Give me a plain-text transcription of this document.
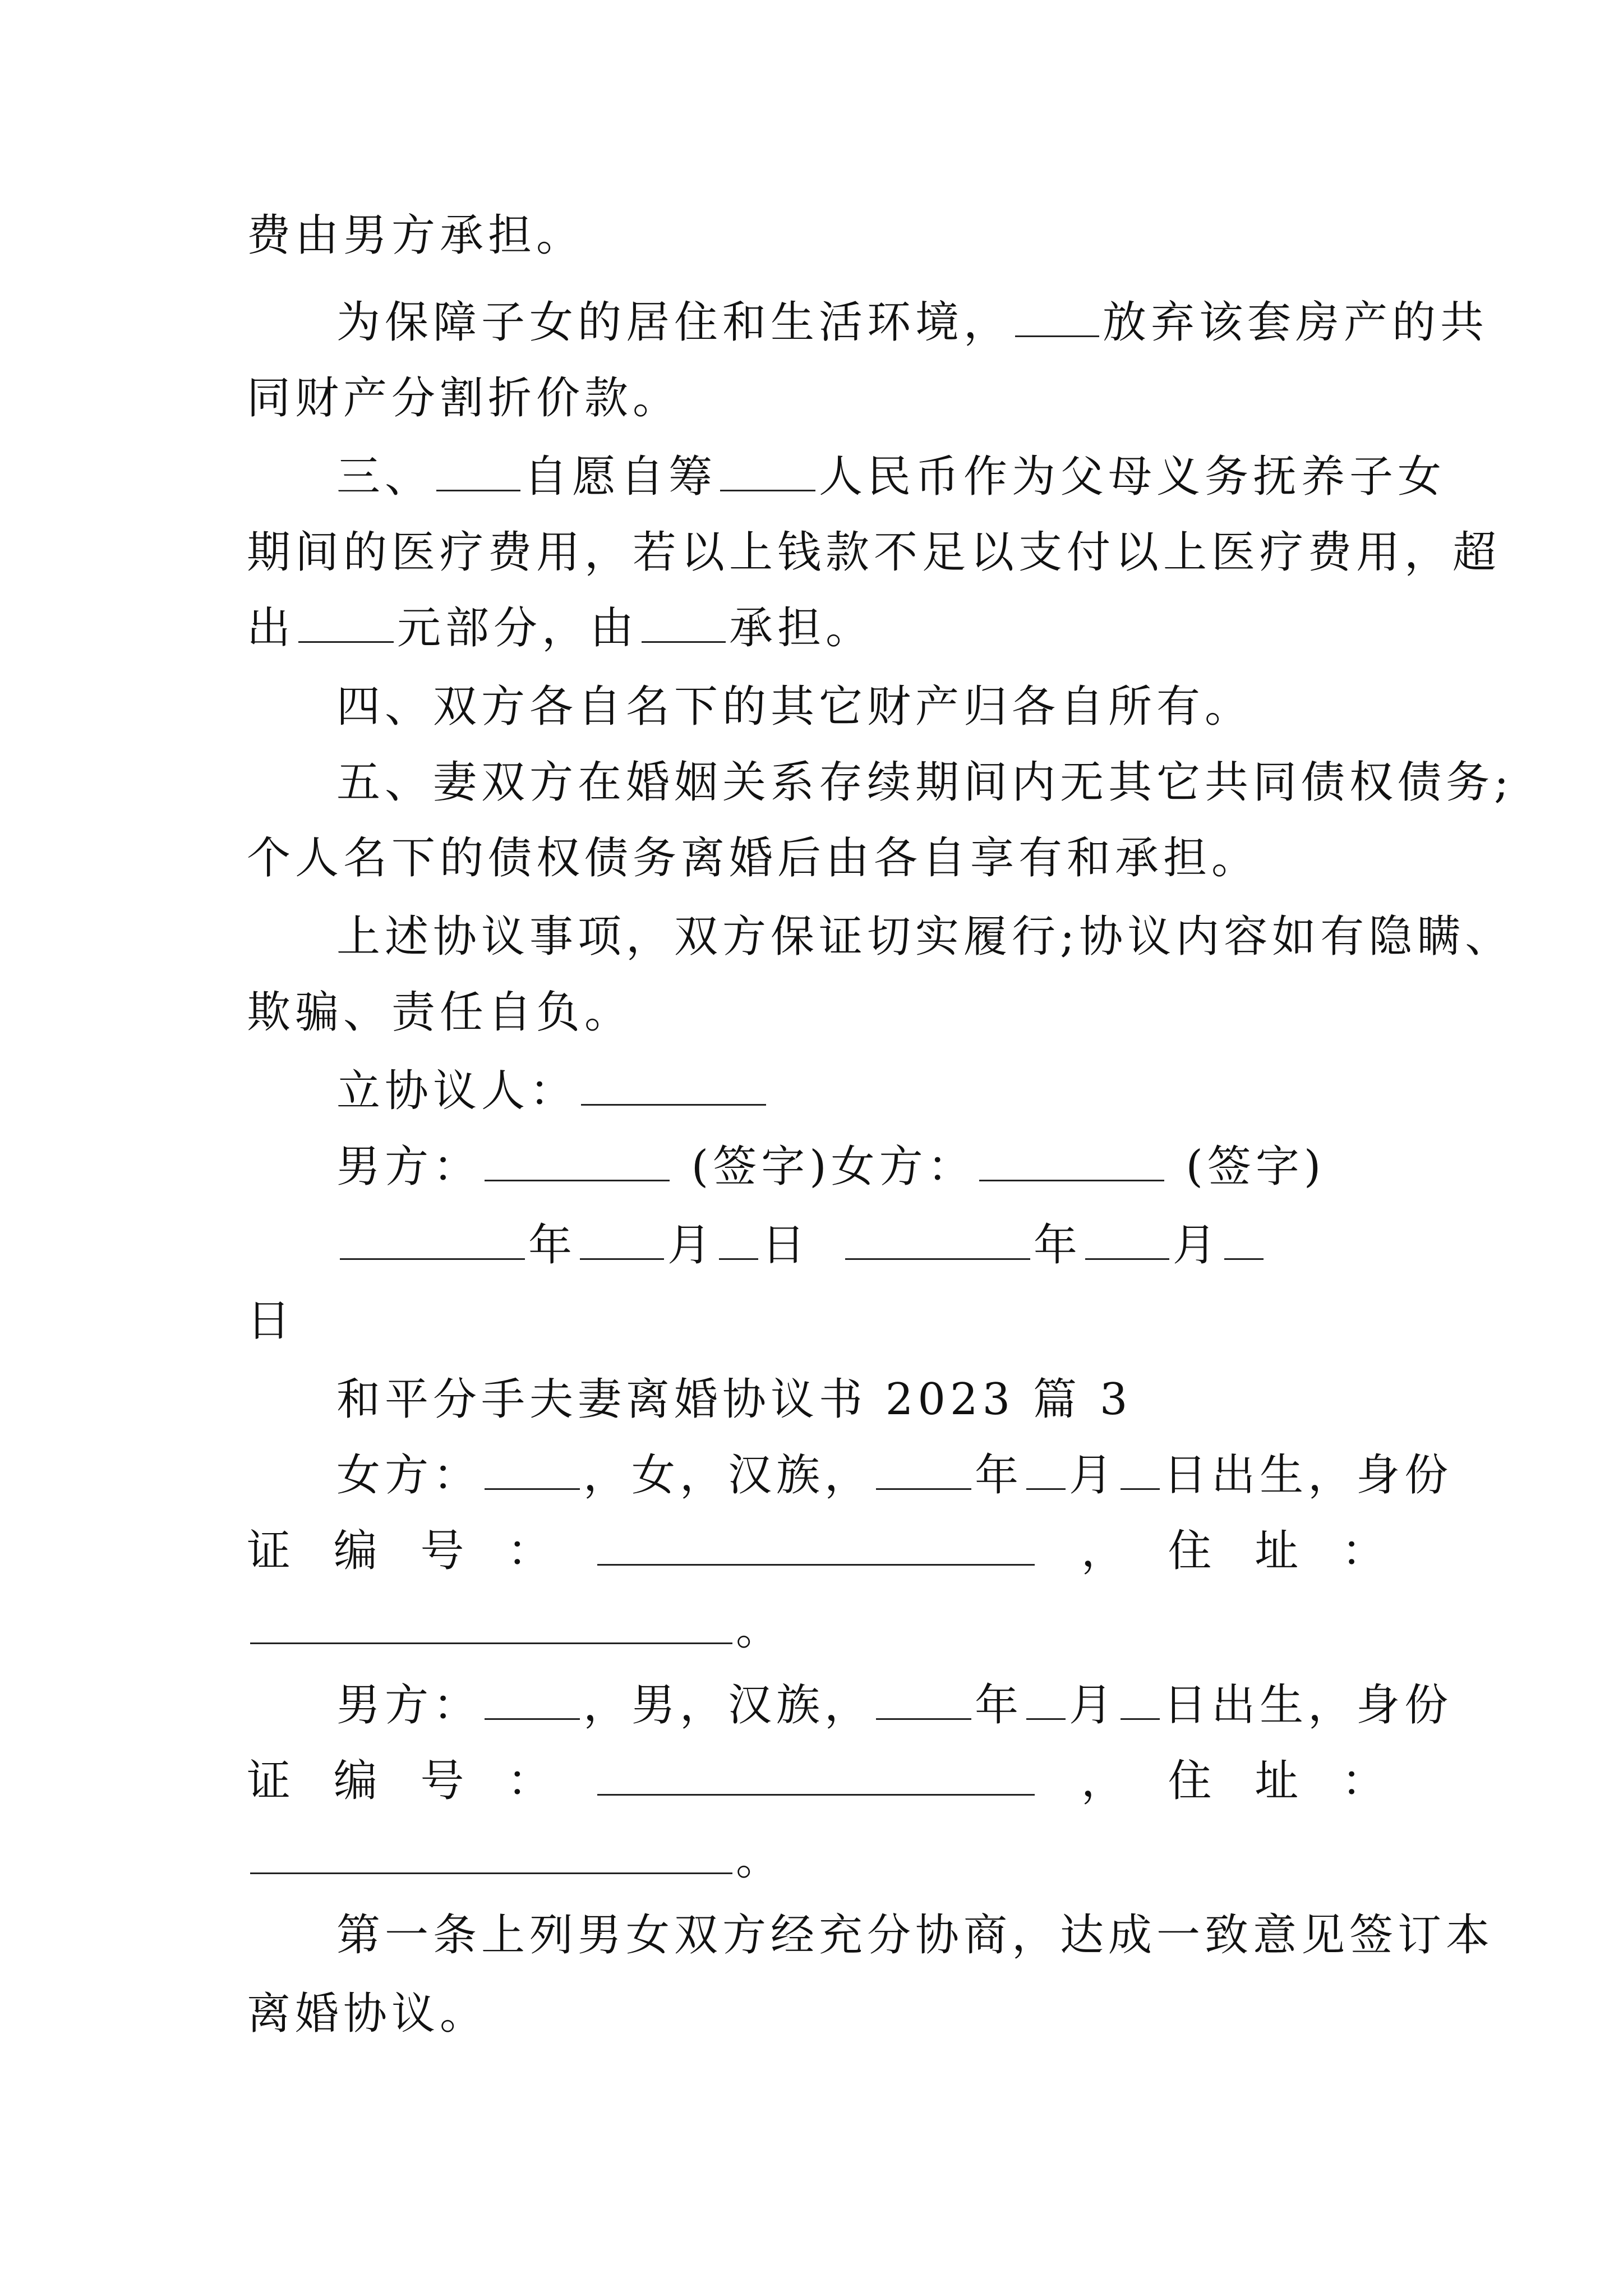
费由男方承担。
为保障子女的居住和生活环境， 放弃该套房产的共
同财产分割折价款。
三、 自愿自筹 人民币作为父母义务抚养子女
期间的医疗费用，若以上钱款不足以支付以上医疗费用，超
出 元部分，由 承担。
四、双方各自名下的其它财产归各自所有。
五、妻双方在婚姻关系存续期间内无其它共同债权债务;
个人名下的债权债务离婚后由各自享有和承担。
上述协议事项，双方保证切实履行;协议内容如有隐瞒、
欺骗、责任自负。
立协议人：
男方：	(签字)女方：	(签字)
年 月 日	年 月
日
和平分手夫妻离婚协议书 2023 篇 3
女方： ，女，汉族， 年 月 日出生，身份
证 编 号 ：	， 住 址 ：
。
男方： ，男，汉族， 年 月 日出生，身份
证 编 号 ：	， 住 址 ：
。
第一条上列男女双方经充分协商，达成一致意见签订本
离婚协议。
